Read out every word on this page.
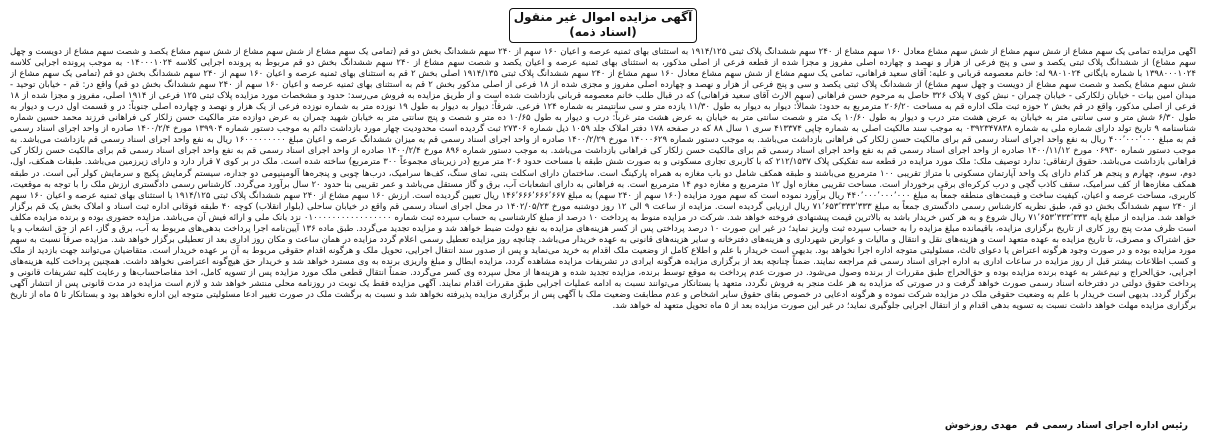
آگهی مزایده اموال غیر منقول (اسناد ذمه)
آگهی مزایده تمامی یک سهم مشاع از شش سهم مشاع از شش سهم مشاع معادل ۱۶۰ سهم مشاع از ۲۴۰ سهم ششدانگ پلاک ثبتی ۱۹۱۴/۱۲۵ به استثنای بهای ثمنیه عرصه و اعیان ۱۶۰ سهم از ۲۴۰ سهم ششدانگ بخش دو قم (تمامی یک سهم مشاع از شش سهم مشاع از شش سهم مشاع یکصد و شصت سهم مشاع از دویست و چهل سهم مشاع) از ششدانگ پلاک ثبتی یکصد و سی و پنج فرعی از هزار و نهصد و چهارده اصلی مفروز و مجزا شده از قطعه فرعی از اصلی مذکور، به استثنای بهای ثمنیه عرصه و اعیان یکصد و شصت سهم مشاع از ۲۴۰ سهم ششدانگ بخش دو قم مربوط به پرونده اجرایی کلاسه ۰۱۴۰۰۰۱۰۲۴ به موجب پرونده اجرایی کلاسه ۱۳۹۸۰۰۰۱۰۲۴ با شماره بایگانی ۹۸۰۱۰۲۴ له: خانم معصومه قربانی و علیه: آقای سعید فراهانی، تمامی یک سهم مشاع از شش سهم مشاع معادل ۱۶۰ سهم مشاع از ۲۴۰ سهم ششدانگ پلاک ثبتی ۱۹۱۴/۱۳۵ اصلی بخش ۲ قم به استثنای بهای ثمنیه عرصه و اعیان ۱۶۰ سهم از ۲۴۰ سهم ششدانگ بخش دو قم (تمامی یک سهم مشاع از شش سهم مشاع یکصد و شصت سهم مشاع از دویست و چهل سهم مشاع) از ششدانگ پلاک ثبتی یکصد و سی و پنج فرعی از هزار و نهصد و چهارده اصلی مفروز و مجزی شده از ۱۸ فرعی از اصلی مذکور بخش ۲ قم به استثنای بهای ثمنیه عرصه و اعیان ۱۶۰ سهم از ۲۴۰ سهم ششدانگ بخش دو قم) واقع در: قم - خیابان توحید - میدان امین بیات - خیابان زلکارکی - خیابان چمران - نبش کوی ۷ پلاک ۳۲۶ حاصل به مرحوم حسن فراهانی (سهم الارث آقای سعید فراهانی) که در قبال طلب خانم معصومه قربانی بازداشت شده است و از طریق مزایده به فروش می‌رسد: حدود و مشخصات مورد مزایده پلاک ثبتی ۱۲۵ فرعی از ۱۹۱۴ اصلی، مفروز و مجزا شده از ۱۸ فرعی از اصلی مذکور، واقع در قم بخش ۲ حوزه ثبت ملک اداره قم به مساحت ۲۰۶/۲۰ مترمربع به حدود: شمالاً: دیوار به دیوار به طول ۱۱/۳۰ یازده متر و سی سانتیمتر به شماره ۱۲۴ فرعی. شرقاً: دیوار به دیوار به طول ۱۹ نوزده متر به شماره نوزده فرعی از یک هزار و نهصد و چهارده اصلی جنوباً: در و قسمت اول درب و دیوار به طول ۶/۳۰ شش متر و سی سانتی متر به خیابان به عرض هشت متر درب و دیوار به طول ۱۰/۶۰ یک متر و شصت سانتی متر به خیابان به عرض هشت متر غرباً: درب و دیوار به طول ۱۰/۶۵ ده متر و شصت و پنج سانتی متر به خیابان شهید چمران به عرض دوازده متر مالکیت حسن زلکار کی فراهانی فرزند محمد حسین شماره شناسنامه ۹ تاریخ تولد دارای شماره ملی به شماره ۰۳۹۲۳۴۷۸۳۸ به موجب سند مالکیت اصلی به شماره چاپی ۴۱۳۳۷۴ سری ۱ سال ۸۸ که در صفحه ۱۷۸ دفتر املاک جلد ۱۰۵۹ ذیل شماره ۲۷۳۰۶ ثبت گردیده است محدودیت چهار مورد بازداشت دائم به موجب دستور شماره ۱۳۹۹۰۴ مورخ ۱۴۰۰/۲/۴ صادره از واحد اجرای اسناد رسمی قم به مبلغ ۴۰۰٬۰۰۰٬۰۰۰ ریال به نفع واحد اجرای اسناد رسمی قم برای مالکیت حسن زلکار کی فراهانی بازداشت می‌باشد. به موجب دستور شماره ۱۴۰۰۰۶۲۹ مورخ ۱۴۰۰/۲/۲۹ صادره از واحد اجرای اسناد رسمی قم به میزان ششدانگ عرصه و اعیان مبلغ ۱۶۰۰۰۰۰۰۰۰۰ ریال به نفع واحد اجرای اسناد رسمی قم بازداشت می‌باشد. به موجب دستور شماره ۰۶۹۳۰ مورخ ۱۴۰۰/۱۱/۱۲ صادره از واحد اجرای اسناد رسمی قم به نفع واحد اجرای اسناد رسمی قم برای مالکیت حسن زلکار کی فراهانی بازداشت می‌باشد. به موجب دستور شماره ۸۹۶ مورخ ۱۴۰۰/۲/۴ صادره از واحد اجرای اسناد رسمی قم به نفع واحد اجرای اسناد رسمی قم برای مالکیت حسن زلکار کی فراهانی بازداشت می‌باشد. حقوق ارتفاقی: ندارد توصیف ملک: ملک مورد مزایده در قطعه سه تفکیکی پلاک ۲۱۲/۱۵۳۷ که با کاربری تجاری مسکونی و به صورت شش طبقه با مساحت حدود ۲۰۶ متر مربع (در زیربنای مجموعاً ۳۰۰ مترمربع) ساخته شده است. ملک در بر کوی ۷ قرار دارد و دارای زیرزمین می‌باشد. طبقات همکف، اول، دوم، سوم، چهارم و پنجم هر کدام دارای یک واحد آپارتمان مسکونی با متراژ تقریبی ۱۰۰ مترمربع می‌باشند و طبقه همکف شامل دو باب مغازه به همراه پارکینگ است. ساختمان دارای اسکلت بتنی، نمای سنگ، کف‌ها سرامیک، درب‌ها چوبی و پنجره‌ها آلومینیومی دو جداره، سیستم گرمایش پکیج و سرمایش کولر آبی است. در طبقه همکف مغازه‌ها از کف سرامیک، سقف کاذب گچی و درب کرکره‌ای برقی برخوردار است. مساحت تقریبی مغازه اول ۱۲ مترمربع و مغازه دوم ۱۴ مترمربع است. به فراهانی به دارای انشعابات آب، برق و گاز مستقل می‌باشد و عمر تقریبی بنا حدود ۲۰ سال برآورد می‌گردد. کارشناس رسمی دادگستری ارزش ملک را با توجه به موقعیت، کاربری، مساحت عرصه و اعیان، کیفیت ساخت و قیمت‌های منطقه جمعاً به مبلغ ۴۴۰٬۰۰۰٬۰۰۰٬۰۰۰ ریال برآورد نموده است که سهم مورد مزایده (۱۶۰ سهم از ۲۴۰ سهم) به مبلغ ۱۴۶٬۶۶۶٬۶۶۶٬۶۶۷ ریال تعیین گردیده است. ارزش ۱۶۰ سهم مشاع از ۲۴۰ سهم ششدانگ پلاک ثبتی ۱۹۱۴/۱۲۵ با استثنای بهای ثمنیه عرصه و اعیان ۱۶۰ سهم از ۲۴۰ سهم ششدانگ بخش دو قم، طبق نظریه کارشناس رسمی دادگستری جمعاً به مبلغ ۷۱٬۶۵۳٬۳۳۳٬۳۳۳ ریال ارزیابی گردیده است. مزایده از ساعت ۹ الی ۱۲ روز دوشنبه مورخ ۱۴۰۲/۰۵/۲۳ در محل اجرای اسناد رسمی قم واقع در خیابان ساحلی (بلوار انقلاب) کوچه ۴۰ طبقه فوقانی اداره ثبت اسناد و املاک بخش یک قم برگزار خواهد شد. مزایده از مبلغ پایه ۷۱٬۶۵۳٬۳۳۳٬۳۳۳ ریال شروع و به هر کس خریدار باشد به بالاترین قیمت پیشنهادی فروخته خواهد شد. شرکت در مزایده منوط به پرداخت ۱۰ درصد از مبلغ کارشناسی به حساب سپرده ثبت شماره ۰۱۰۰۰۰۰۰۰۰۰۰۰۰۰۰۰۰۰ نزد بانک ملی و ارائه فیش آن می‌باشد. مزایده حضوری بوده و برنده مزایده مکلف است ظرف مدت پنج روز کاری از تاریخ برگزاری مزایده، باقیمانده مبلغ مزایده را به حساب سپرده ثبت واریز نماید؛ در غیر این صورت ۱۰ درصد پرداختی پس از کسر هزینه‌های مزایده به نفع دولت ضبط خواهد شد و مزایده تجدید می‌گردد. طبق ماده ۱۳۶ آیین‌نامه اجرا پرداخت بدهی‌های مربوط به آب، برق و گاز، اعم از حق انشعاب و یا حق اشتراک و مصرف، تا تاریخ مزایده به عهده متعهد است و هزینه‌های نقل و انتقال و مالیات و عوارض شهرداری و هزینه‌های دفترخانه و سایر هزینه‌های قانونی به عهده خریدار می‌باشد. چنانچه روز مزایده تعطیل رسمی اعلام گردد مزایده در همان ساعت و مکان روز اداری بعد از تعطیلی برگزار خواهد شد. مزایده صرفاً نسبت به سهم مورد مزایده بوده و در صورت وجود هرگونه اعتراض یا دعوای ثالث، مسئولیتی متوجه اداره اجرا نخواهد بود. بدیهی است خریدار با علم و اطلاع کامل از وضعیت ملک اقدام به خرید می‌نماید و پس از صدور سند انتقال اجرایی، تحویل ملک و هرگونه اقدام حقوقی مربوط به آن بر عهده خریدار است. متقاضیان می‌توانند جهت بازدید از ملک و کسب اطلاعات بیشتر قبل از روز مزایده در ساعات اداری به اداره اجرای اسناد رسمی قم مراجعه نمایند. ضمناً چنانچه بعد از برگزاری مزایده هرگونه ایرادی در تشریفات مزایده مشاهده گردد، مزایده ابطال و مبلغ واریزی برنده به وی مسترد خواهد شد و خریدار حق هیچ‌گونه اعتراضی نخواهد داشت. همچنین پرداخت کلیه هزینه‌های اجرایی، حق‌الحراج و نیم‌عشر به عهده برنده مزایده بوده و حق‌الحراج طبق مقررات از برنده وصول می‌شود. در صورت عدم پرداخت به موقع توسط برنده، مزایده تجدید شده و هزینه‌ها از محل سپرده وی کسر می‌گردد. ضمناً انتقال قطعی ملک مورد مزایده پس از تسویه کامل، اخذ مفاصاحساب‌ها و رعایت کلیه تشریفات قانونی و پرداخت حقوق دولتی در دفترخانه اسناد رسمی صورت خواهد گرفت و در صورتی که مزایده به هر علت منجر به فروش نگردد، متعهد یا بستانکار می‌توانند نسبت به ادامه عملیات اجرایی طبق مقررات اقدام نمایند. آگهی مزایده فقط یک نوبت در روزنامه محلی منتشر خواهد شد و لازم است مزایده در مدت قانونی پس از انتشار آگهی برگزار گردد. بدیهی است خریدار با علم به وضعیت حقوقی ملک در مزایده شرکت نموده و هرگونه ادعایی در خصوص بقای حقوق سایر اشخاص و عدم مطابقت وضعیت ملک با آگهی پس از برگزاری مزایده پذیرفته نخواهد شد و نسبت به برگشت ملک در صورت تغییر ادعا مسئولیتی متوجه این اداره نخواهد بود و بستانکار تا ۵ ماه از تاریخ برگزاری مزایده مهلت خواهد داشت نسبت به تسویه بدهی اقدام و از انتقال اجرایی جلوگیری نماید؛ در غیر این صورت مزایده بعد از ۵ ماه تحویل متعهد له خواهد شد.
رئیس اداره اجرای اسناد رسمی قم
مهدی روزخوش
